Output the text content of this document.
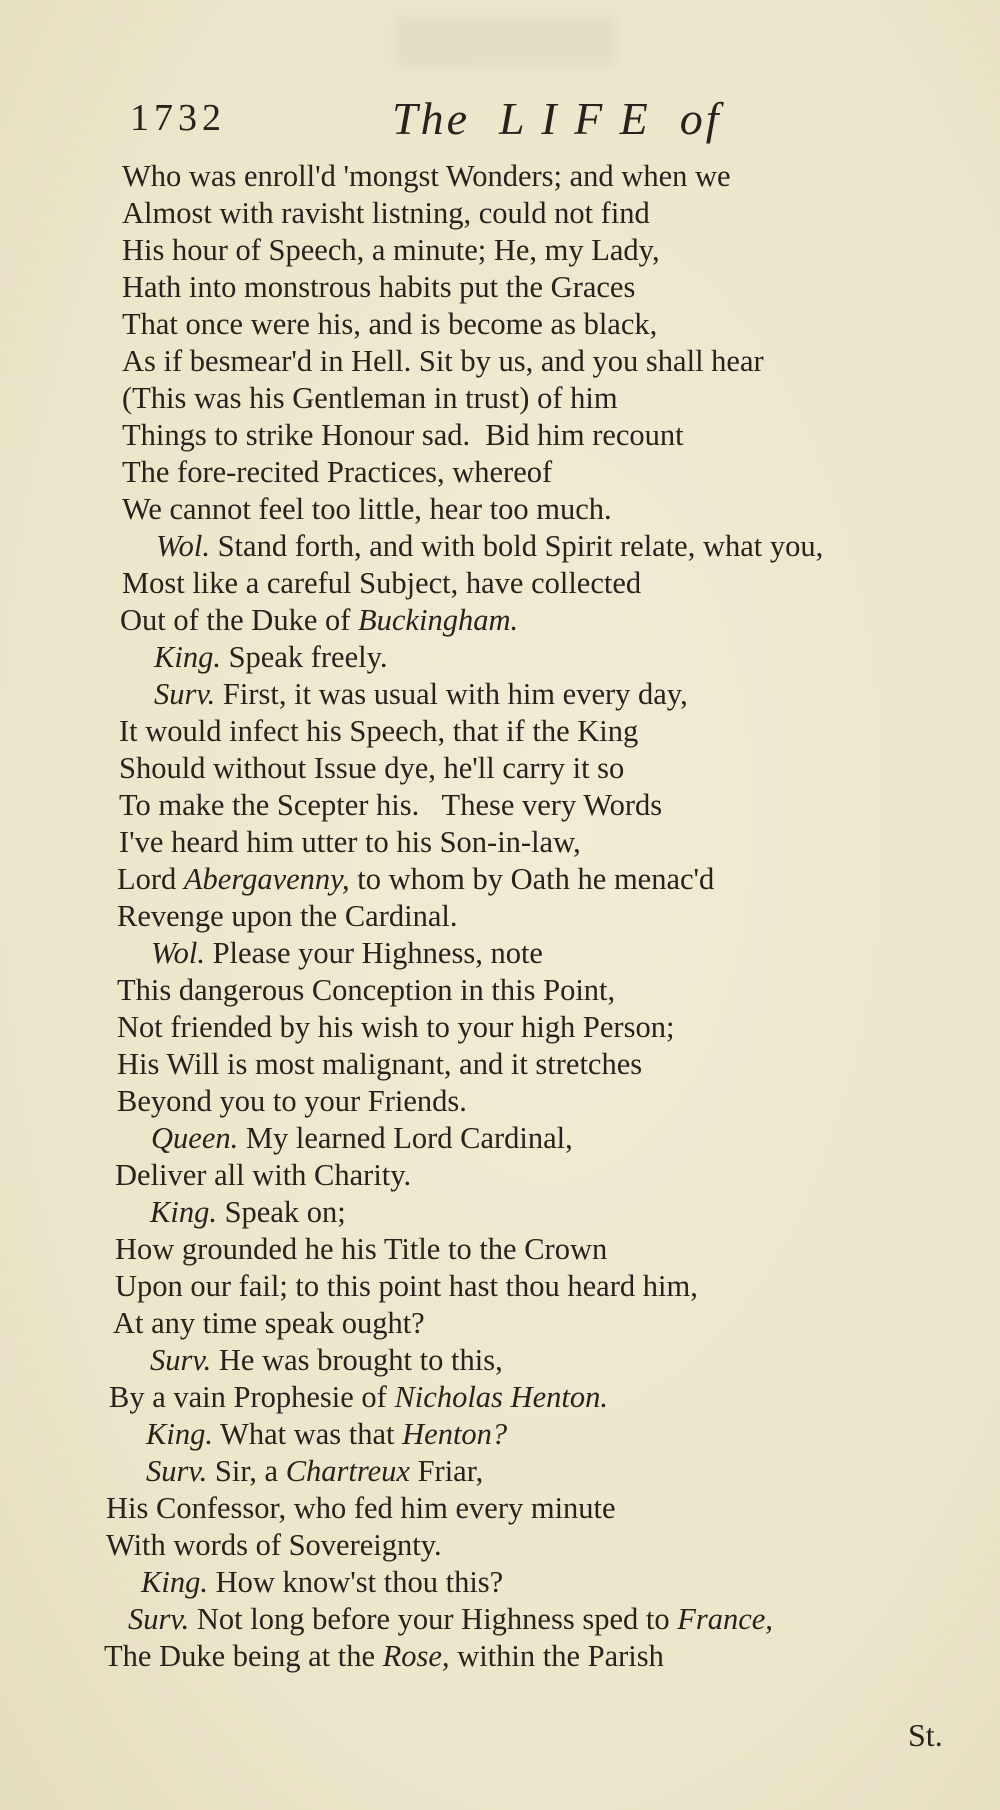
1732	The  L I F E  of
Who was enroll'd 'mongst Wonders; and when we
Almost with ravisht listning, could not find
His hour of Speech, a minute; He, my Lady,
Hath into monstrous habits put the Graces
That once were his, and is become as black,
As if besmear'd in Hell. Sit by us, and you shall hear
(This was his Gentleman in trust) of him
Things to strike Honour sad.  Bid him recount
The fore-recited Practices, whereof
We cannot feel too little, hear too much.
Wol. Stand forth, and with bold Spirit relate, what you,
Most like a careful Subject, have collected
Out of the Duke of Buckingham.
King. Speak freely.
Surv. First, it was usual with him every day,
It would infect his Speech, that if the King
Should without Issue dye, he'll carry it so
To make the Scepter his.   These very Words
I've heard him utter to his Son-in-law,
Lord Abergavenny, to whom by Oath he menac'd
Revenge upon the Cardinal.
Wol. Please your Highness, note
This dangerous Conception in this Point,
Not friended by his wish to your high Person;
His Will is most malignant, and it stretches
Beyond you to your Friends.
Queen. My learned Lord Cardinal,
Deliver all with Charity.
King. Speak on;
How grounded he his Title to the Crown
Upon our fail; to this point hast thou heard him,
At any time speak ought?
Surv. He was brought to this,
By a vain Prophesie of Nicholas Henton.
King. What was that Henton?
Surv. Sir, a Chartreux Friar,
His Confessor, who fed him every minute
With words of Sovereignty.
King. How know'st thou this?
Surv. Not long before your Highness sped to France,
The Duke being at the Rose, within the Parish
St.
